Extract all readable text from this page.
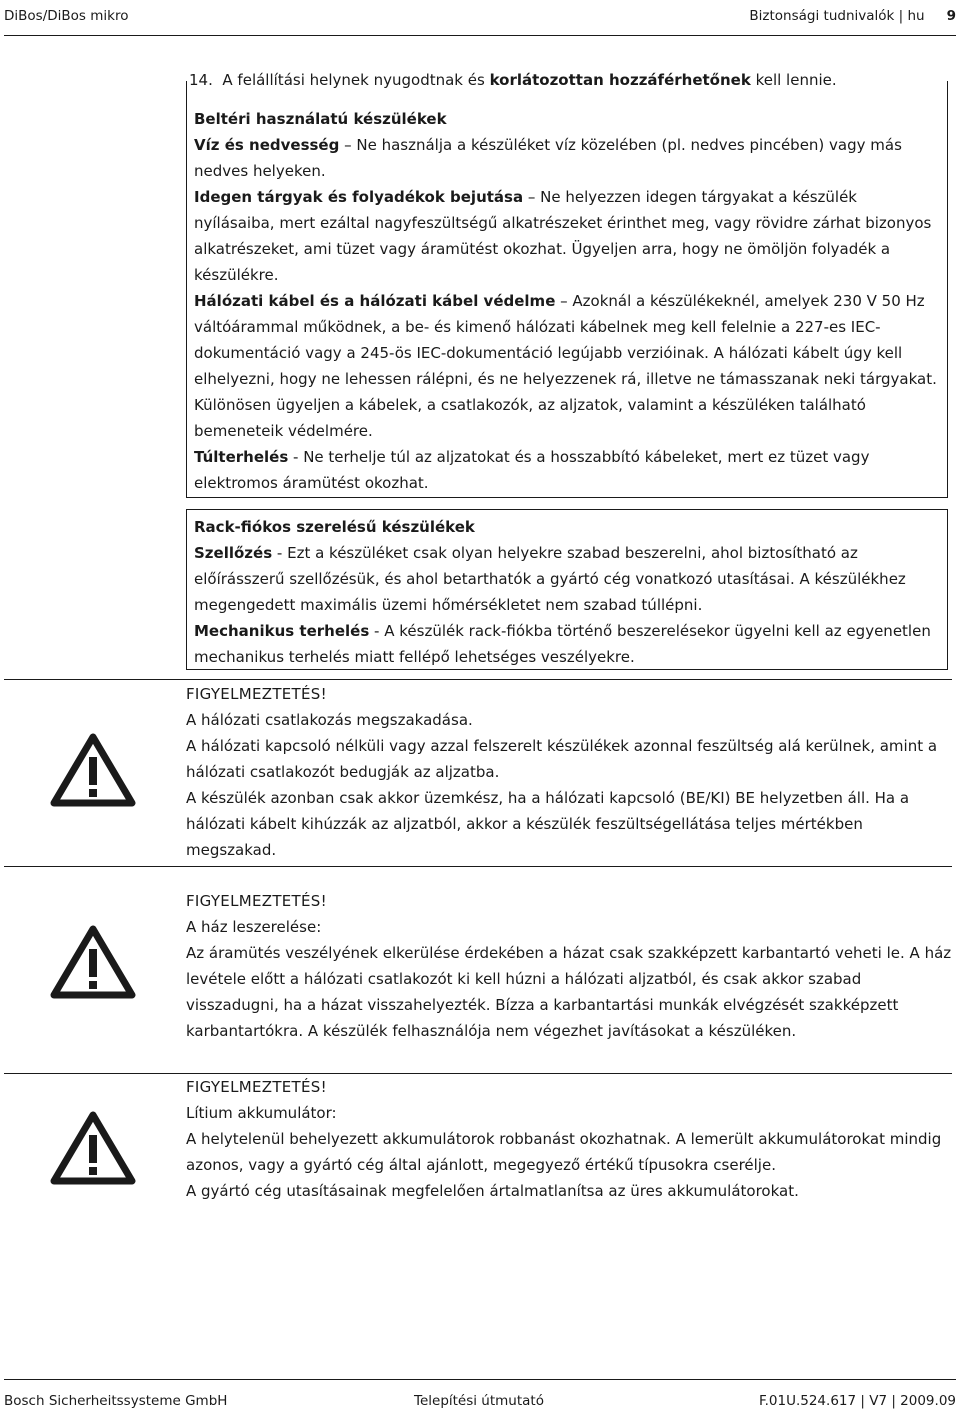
DiBos/DiBos mikro	Biztonsági tudnivalók | hu 9
14. A felállítási helynek nyugodtnak és korlátozottan hozzáférhetőnek kell lennie.

Beltéri használatú készülékek

Víz és nedvesség – Ne használja a készüléket víz közelében (pl. nedves pincében) vagy más nedves helyeken.

Idegen tárgyak és folyadékok bejutása – Ne helyezzen idegen tárgyakat a készülék nyílásaiba, mert ezáltal nagyfeszültségű alkatrészeket érinthet meg, vagy rövidre zárhat bizonyos alkatrészeket, ami tüzet vagy áramütést okozhat. Ügyeljen arra, hogy ne ömöljön folyadék a készülékre.

Hálózati kábel és a hálózati kábel védelme – Azoknál a készülékeknél, amelyek 230 V 50 Hz váltóárammal működnek, a be- és kimenő hálózati kábelnek meg kell felelnie a 227-es IEC-dokumentáció vagy a 245-ös IEC-dokumentáció legújabb verzióinak. A hálózati kábelt úgy kell elhelyezni, hogy ne lehessen rálépni, és ne helyezzenek rá, illetve ne támasszanak neki tárgyakat. Különösen ügyeljen a kábelek, a csatlakozók, az aljzatok, valamint a készüléken található bemeneteik védelmére.

Túlterhelés - Ne terhelje túl az aljzatokat és a hosszabbító kábeleket, mert ez tüzet vagy elektromos áramütést okozhat.

Rack-fiókos szerelésű készülékek

Szellőzés - Ezt a készüléket csak olyan helyekre szabad beszerelni, ahol biztosítható az előírásszerű szellőzésük, és ahol betarthatók a gyártó cég vonatkozó utasításai. A készülékhez megengedett maximális üzemi hőmérsékletet nem szabad túllépni.

Mechanikus terhelés - A készülék rack-fiókba történő beszerelésekor ügyelni kell az egyenetlen mechanikus terhelés miatt fellépő lehetséges veszélyekre.

FIGYELMEZTETÉS!

A hálózati csatlakozás megszakadása.

A hálózati kapcsoló nélküli vagy azzal felszerelt készülékek azonnal feszültség alá kerülnek, amint a hálózati csatlakozót bedugják az aljzatba.

A készülék azonban csak akkor üzemkész, ha a hálózati kapcsoló (BE/KI) BE helyzetben áll. Ha a hálózati kábelt kihúzzák az aljzatból, akkor a készülék feszültségellátása teljes mértékben megszakad.

FIGYELMEZTETÉS!

A ház leszerelése:

Az áramütés veszélyének elkerülése érdekében a házat csak szakképzett karbantartó veheti le. A ház levétele előtt a hálózati csatlakozót ki kell húzni a hálózati aljzatból, és csak akkor szabad visszadugni, ha a házat visszahelyezték. Bízza a karbantartási munkák elvégzését szakképzett karbantartókra. A készülék felhasználója nem végezhet javításokat a készüléken.

FIGYELMEZTETÉS!

Lítium akkumulátor:

A helytelenül behelyezett akkumulátorok robbanást okozhatnak. A lemerült akkumulátorokat mindig azonos, vagy a gyártó cég által ajánlott, megegyező értékű típusokra cserélje.

A gyártó cég utasításainak megfelelően ártalmatlanítsa az üres akkumulátorokat.

Bosch Sicherheitssysteme GmbH	Telepítési útmutató	F.01U.524.617 | V7 | 2009.09
